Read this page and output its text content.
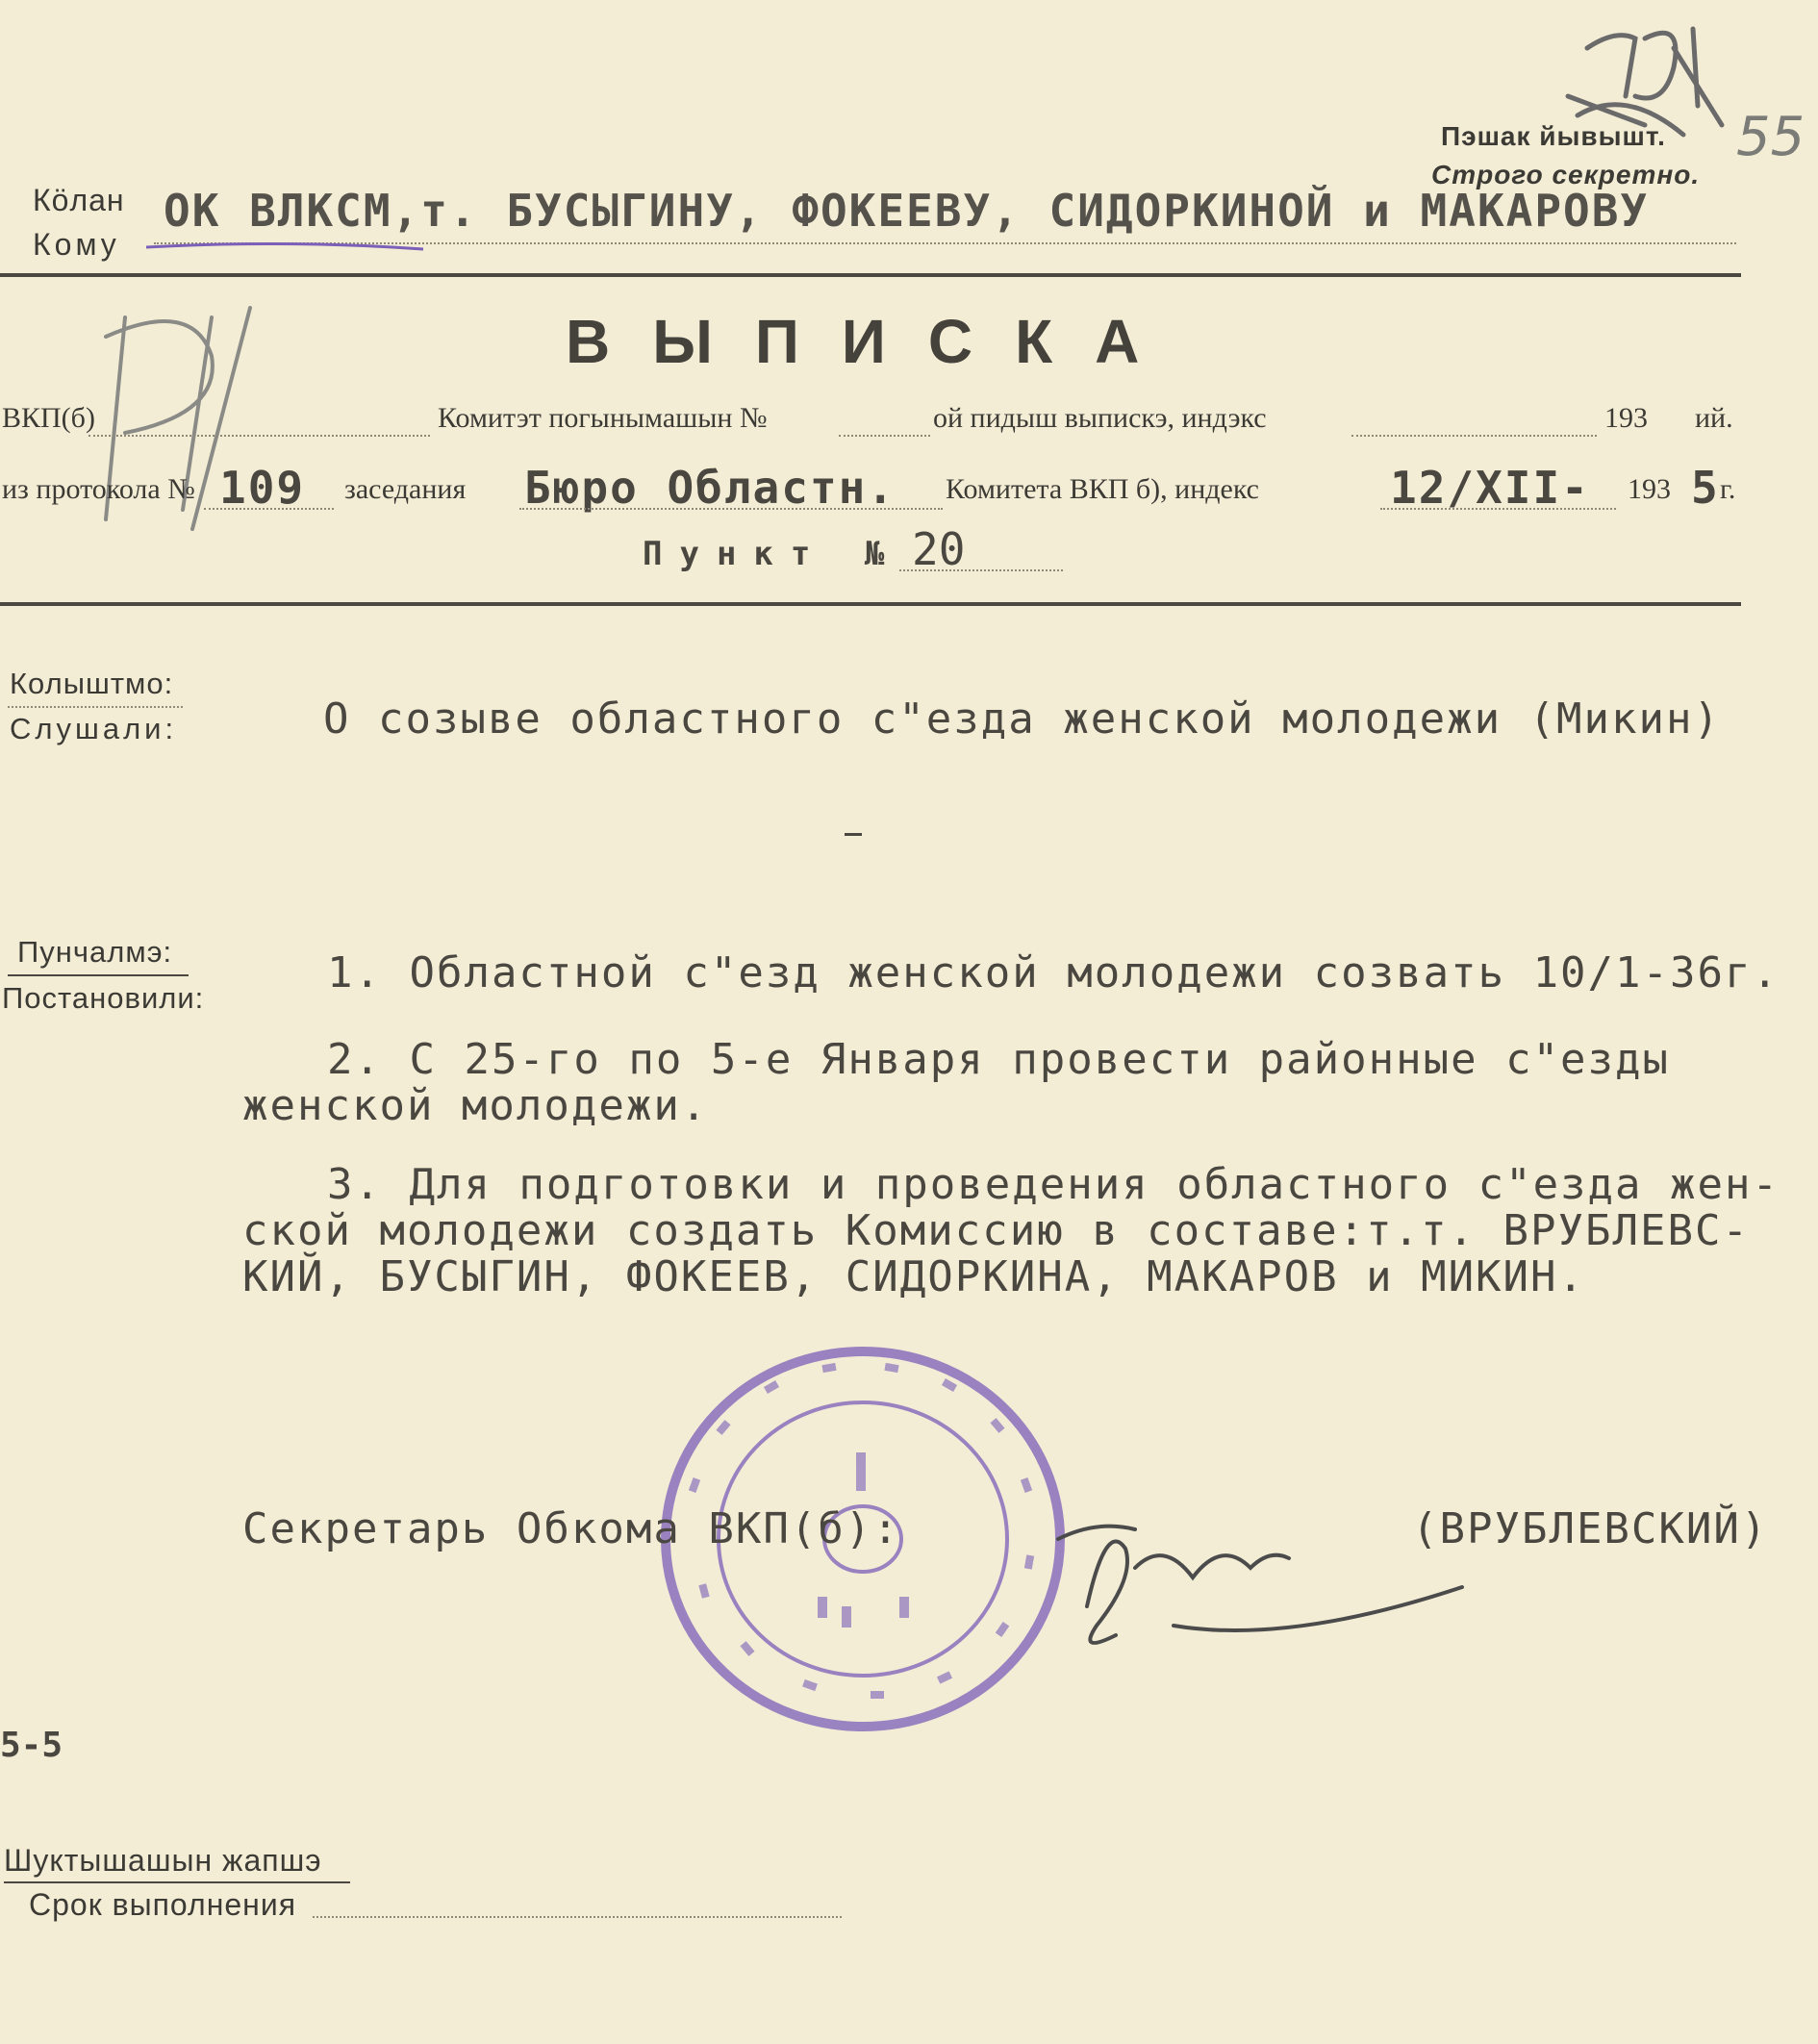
Пэшак йывышт.
Строго секретно.
55
Кӧлан
Кому
ОК ВЛКСМ,т. БУСЫГИНУ, ФОКЕЕВУ, СИДОРКИНОЙ и МАКАРОВУ
ВЫПИСКА
ВКП(б)	Комитэт погынымашын №	ой пидыш выпискэ, индэкс	193 ий.
из протокола № 109 заседания Бюро Областн. Комитета ВКП б), индекс	12/XII- 193 5 г.
Пункт № 20
Колыштмо:
Слушали:	О созыве областного с"езда женской молодежи (Микин)
Пунчалмэ:
Постановили:
1. Областной с"езд женской молодежи созвать 10/1-36г.
2. С 25-го по 5-е Января провести районные с"езды
женской молодежи.
3. Для подготовки и проведения областного с"езда жен-
ской молодежи создать Комиссию в составе:т.т. ВРУБЛЕВС-
КИЙ, БУСЫГИН, ФОКЕЕВ, СИДОРКИНА, МАКАРОВ и МИКИН.
Секретарь Обкома ВКП(б):	(ВРУБЛЕВСКИЙ)
5-5
Шуктышашын жапшэ
Срок выполнения
